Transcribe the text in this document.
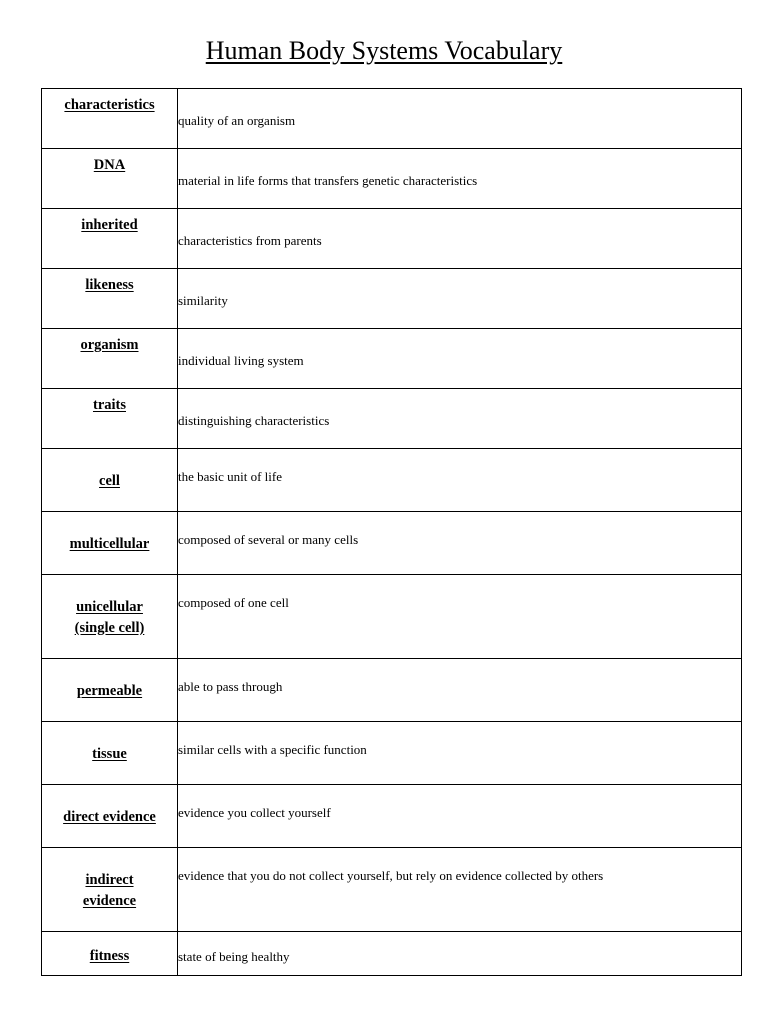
Human Body Systems Vocabulary
characteristics	quality of an organism
DNA	material in life forms that transfers genetic characteristics
inherited	characteristics from parents
likeness	similarity
organism	individual living system
traits	distinguishing characteristics
cell	the basic unit of life
multicellular	composed of several or many cells
unicellular (single cell)	composed of one cell
permeable	able to pass through
tissue	similar cells with a specific function
direct evidence	evidence you collect yourself
indirect evidence	evidence that you do not collect yourself, but rely on evidence collected by others
fitness	state of being healthy
